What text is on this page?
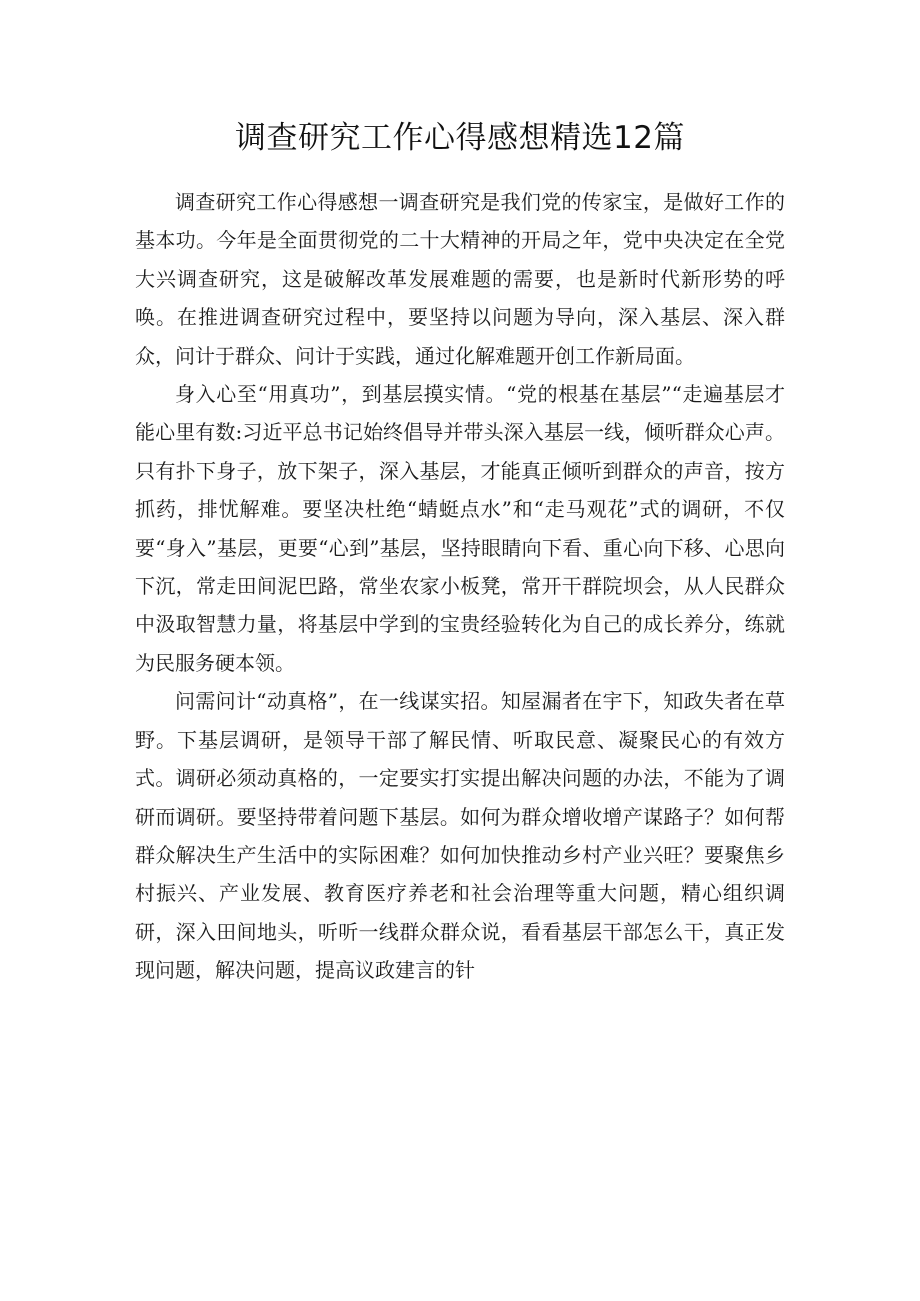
调查研究工作心得感想精选12篇

调查研究工作心得感想一调查研究是我们党的传家宝，是做好工作的基本功。今年是全面贯彻党的二十大精神的开局之年，党中央决定在全党大兴调查研究，这是破解改革发展难题的需要，也是新时代新形势的呼唤。在推进调查研究过程中，要坚持以问题为导向，深入基层、深入群众，问计于群众、问计于实践，通过化解难题开创工作新局面。

身入心至“用真功”，到基层摸实情。“党的根基在基层”“走遍基层才能心里有数:习近平总书记始终倡导并带头深入基层一线，倾听群众心声。只有扑下身子，放下架子，深入基层，才能真正倾听到群众的声音，按方抓药，排忧解难。要坚决杜绝“蜻蜓点水”和“走马观花”式的调研，不仅要“身入”基层，更要“心到”基层，坚持眼睛向下看、重心向下移、心思向下沉，常走田间泥巴路，常坐农家小板凳，常开干群院坝会，从人民群众中汲取智慧力量，将基层中学到的宝贵经验转化为自己的成长养分，练就为民服务硬本领。

问需问计“动真格”，在一线谋实招。知屋漏者在宇下，知政失者在草野。下基层调研，是领导干部了解民情、听取民意、凝聚民心的有效方式。调研必须动真格的，一定要实打实提出解决问题的办法，不能为了调研而调研。要坚持带着问题下基层。如何为群众增收增产谋路子？如何帮群众解决生产生活中的实际困难？如何加快推动乡村产业兴旺？要聚焦乡村振兴、产业发展、教育医疗养老和社会治理等重大问题，精心组织调研，深入田间地头，听听一线群众群众说，看看基层干部怎么干，真正发现问题，解决问题，提高议政建言的针
